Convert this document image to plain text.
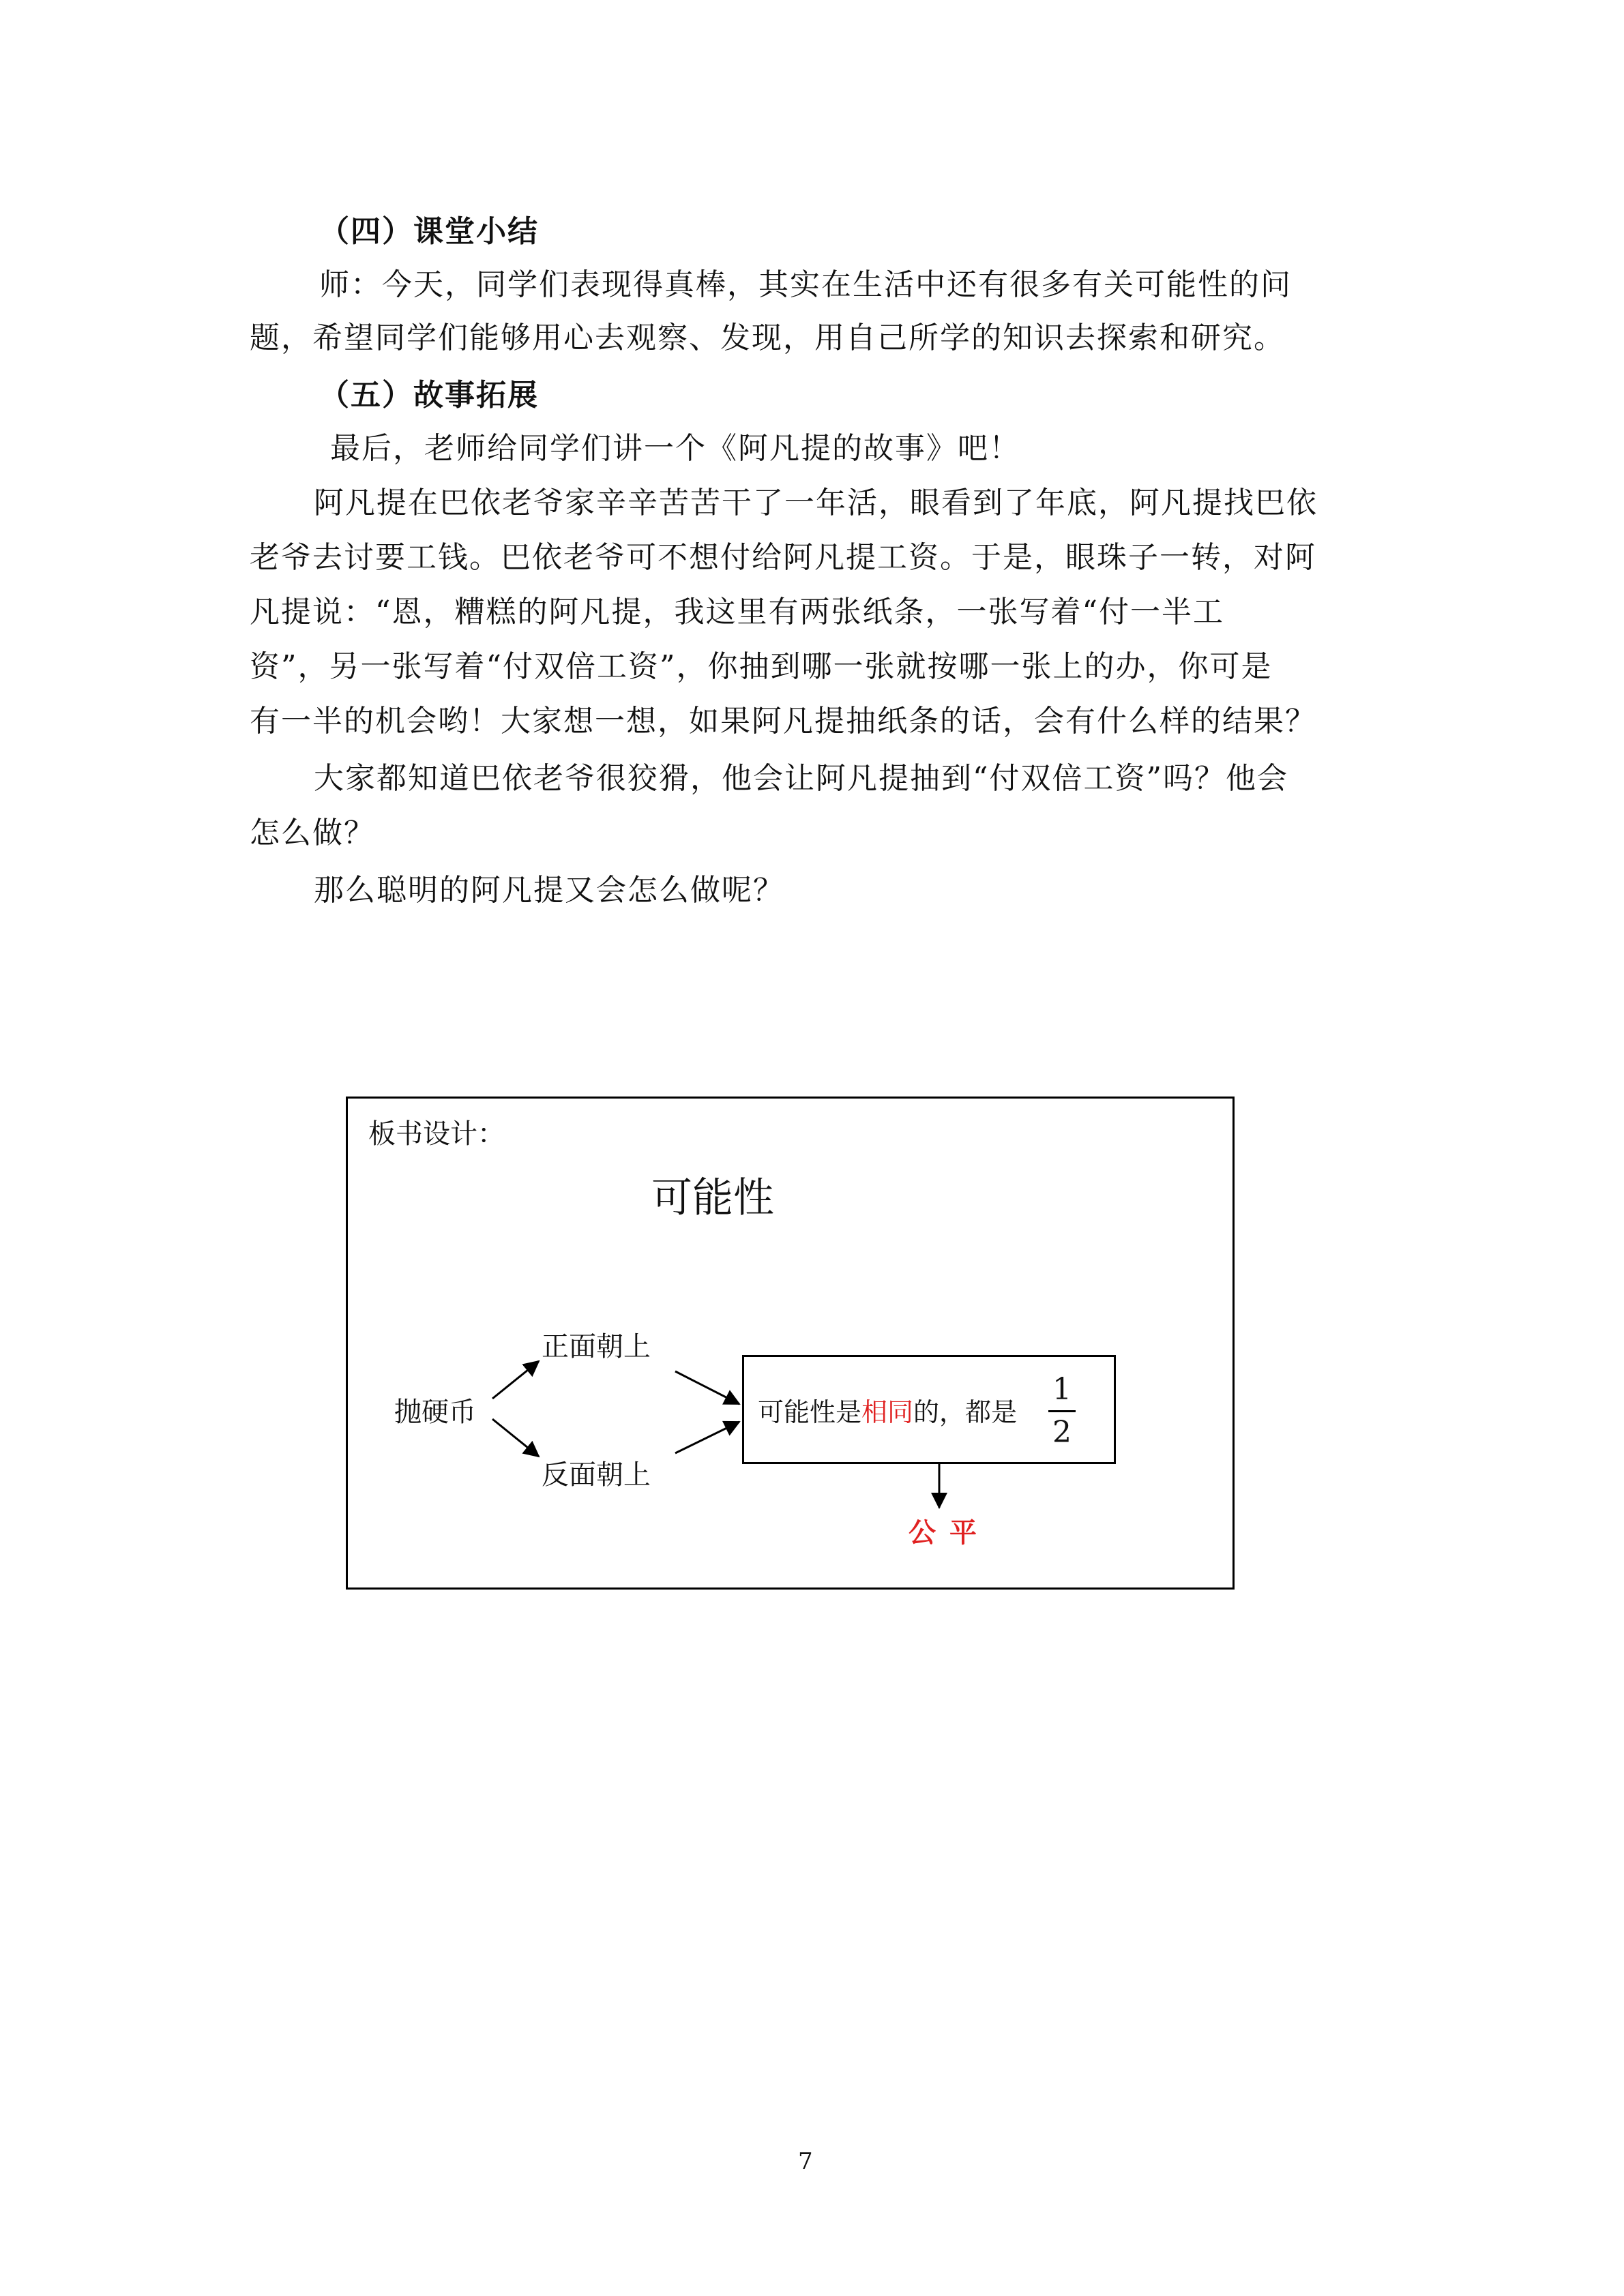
（四）课堂小结
师：今天，同学们表现得真棒，其实在生活中还有很多有关可能性的问
题，希望同学们能够用心去观察、发现，用自己所学的知识去探索和研究。
（五）故事拓展
最后，老师给同学们讲一个《阿凡提的故事》吧！
阿凡提在巴依老爷家辛辛苦苦干了一年活，眼看到了年底，阿凡提找巴依
老爷去讨要工钱。巴依老爷可不想付给阿凡提工资。于是，眼珠子一转，对阿
凡提说：“恩，糟糕的阿凡提，我这里有两张纸条，一张写着“付一半工
资”，另一张写着“付双倍工资”，你抽到哪一张就按哪一张上的办，你可是
有一半的机会哟！大家想一想，如果阿凡提抽纸条的话，会有什么样的结果？
大家都知道巴依老爷很狡猾，他会让阿凡提抽到“付双倍工资”吗？他会
怎么做？
那么聪明的阿凡提又会怎么做呢？
板书设计：
可能性
抛硬币
正面朝上
反面朝上
可能性是相同的，都是
1
2
公平
7
